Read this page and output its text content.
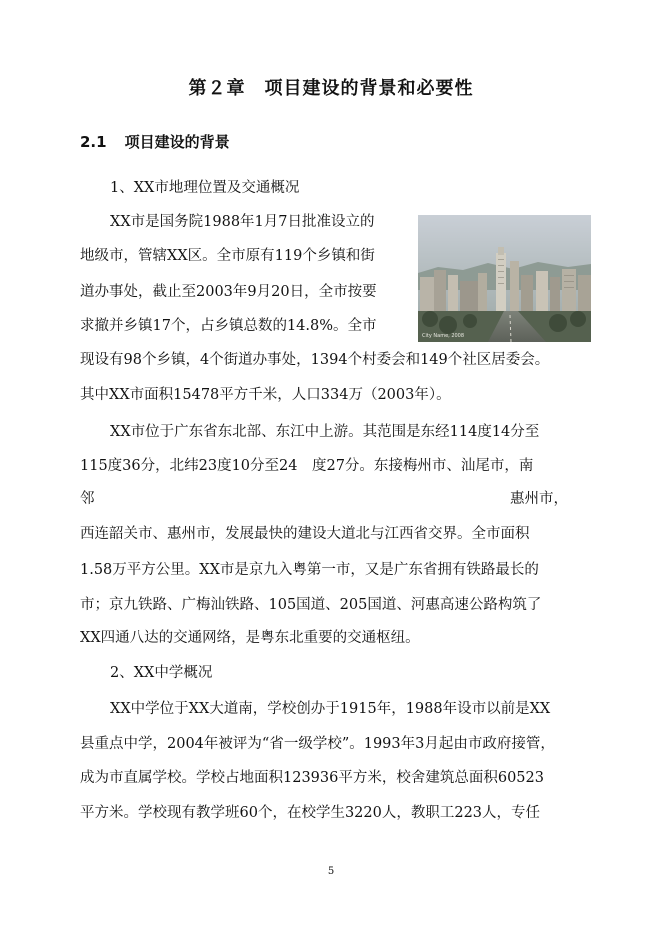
第２章　项目建设的背景和必要性
2.1 项目建设的背景
1、XX市地理位置及交通概况
XX市是国务院1988年1月7日批准设立的
地级市，管辖XX区。全市原有119个乡镇和街
道办事处，截止至2003年9月20日，全市按要
求撤并乡镇17个，占乡镇总数的14.8%。全市
现设有98个乡镇，4个街道办事处，1394个村委会和149个社区居委会。
其中XX市面积15478平方千米，人口334万（2003年）。
XX市位于广东省东北部、东江中上游。其范围是东经114度14分至
115度36分，北纬23度10分至24　度27分。东接梅州市、汕尾市，南
邻	惠州市，
西连韶关市、惠州市，发展最快的建设大道北与江西省交界。全市面积
1.58万平方公里。XX市是京九入粤第一市，又是广东省拥有铁路最长的
市；京九铁路、广梅汕铁路、105国道、205国道、河惠高速公路构筑了
XX四通八达的交通网络，是粤东北重要的交通枢纽。
2、XX中学概况
XX中学位于XX大道南，学校创办于1915年，1988年设市以前是XX
县重点中学，2004年被评为“省一级学校”。1993年3月起由市政府接管，
成为市直属学校。学校占地面积123936平方米，校舍建筑总面积60523
平方米。学校现有教学班60个，在校学生3220人，教职工223人，专任
City Name, 2008
5
